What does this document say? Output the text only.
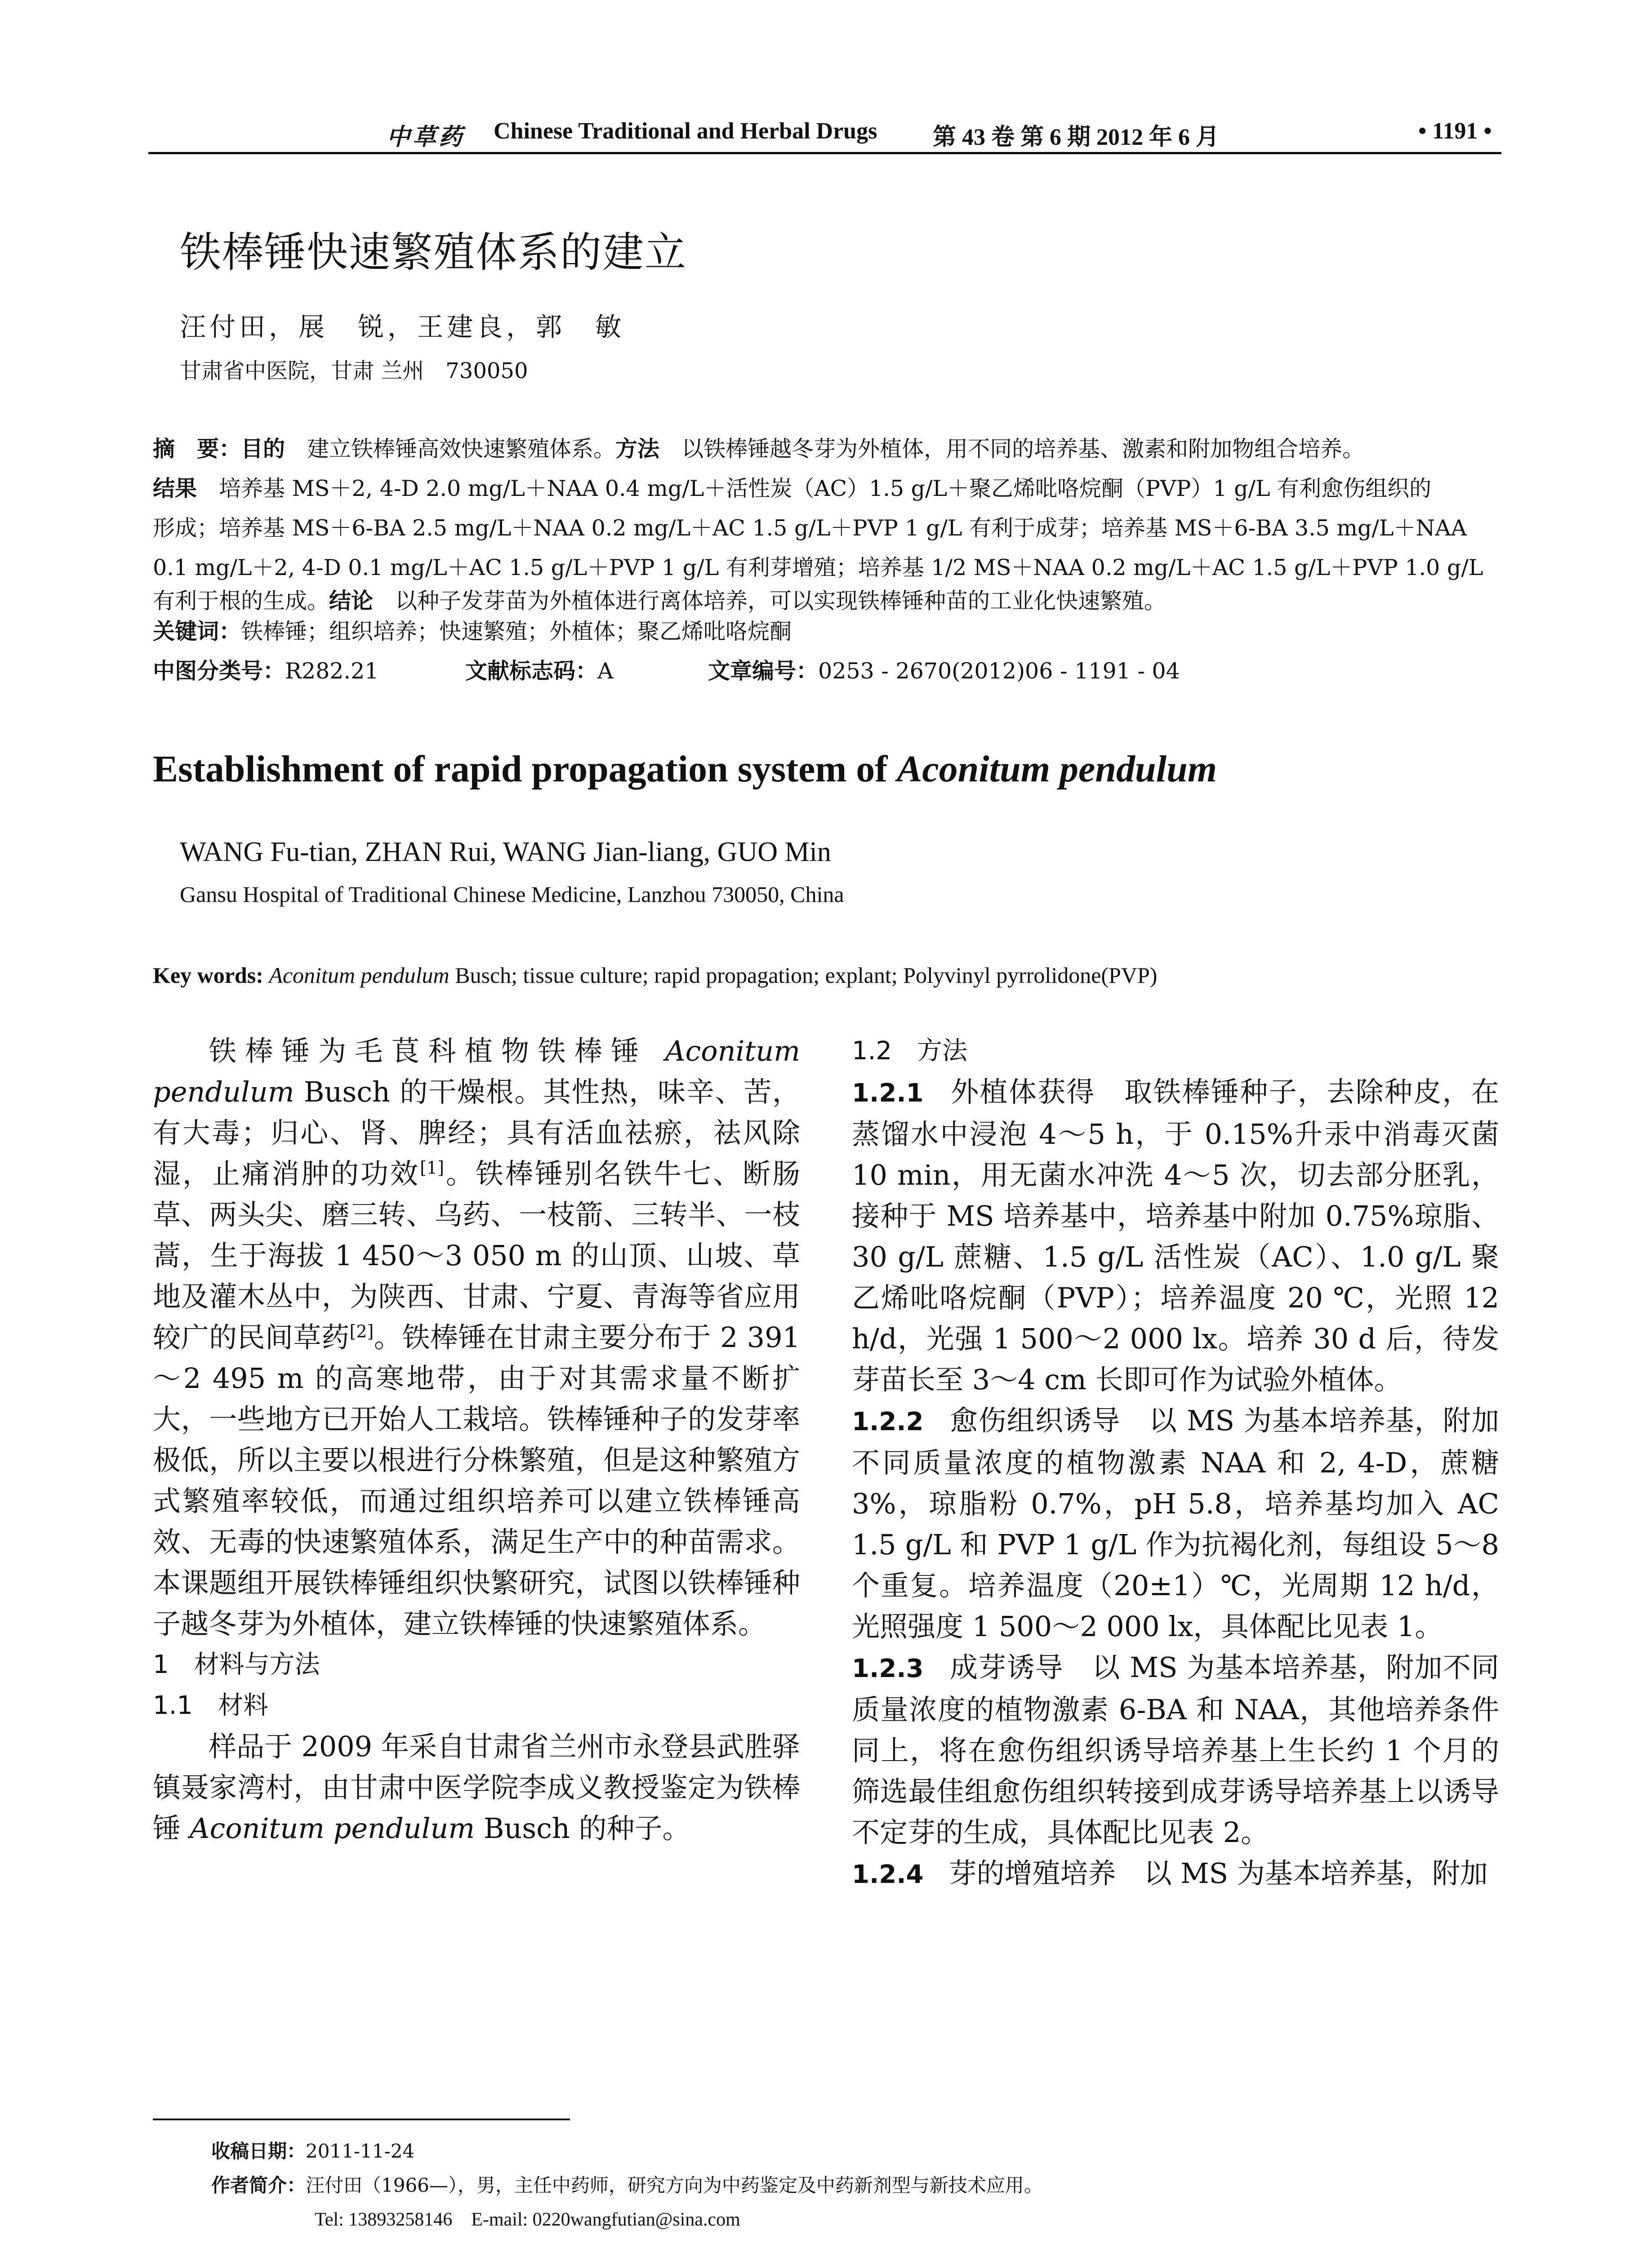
中草药 Chinese Traditional and Herbal Drugs 第 43 卷 第 6 期 2012 年 6 月	• 1191 •
铁棒锤快速繁殖体系的建立
汪付田，展　锐，王建良，郭　敏
甘肃省中医院，甘肃 兰州　730050
摘　要：目的　建立铁棒锤高效快速繁殖体系。方法　以铁棒锤越冬芽为外植体，用不同的培养基、激素和附加物组合培养。
结果　培养基 MS＋2, 4-D 2.0 mg/L＋NAA 0.4 mg/L＋活性炭（AC）1.5 g/L＋聚乙烯吡咯烷酮（PVP）1 g/L 有利愈伤组织的
形成；培养基 MS＋6-BA 2.5 mg/L＋NAA 0.2 mg/L＋AC 1.5 g/L＋PVP 1 g/L 有利于成芽；培养基 MS＋6-BA 3.5 mg/L＋NAA
0.1 mg/L＋2, 4-D 0.1 mg/L＋AC 1.5 g/L＋PVP 1 g/L 有利芽增殖；培养基 1/2 MS＋NAA 0.2 mg/L＋AC 1.5 g/L＋PVP 1.0 g/L
有利于根的生成。结论　以种子发芽苗为外植体进行离体培养，可以实现铁棒锤种苗的工业化快速繁殖。
关键词：铁棒锤；组织培养；快速繁殖；外植体；聚乙烯吡咯烷酮
中图分类号：R282.21	文献标志码：A	文章编号：0253 - 2670(2012)06 - 1191 - 04
Establishment of rapid propagation system of Aconitum pendulum
WANG Fu-tian, ZHAN Rui, WANG Jian-liang, GUO Min
Gansu Hospital of Traditional Chinese Medicine, Lanzhou 730050, China
Key words: Aconitum pendulum Busch; tissue culture; rapid propagation; explant; Polyvinyl pyrrolidone(PVP)

铁棒锤为毛茛科植物铁棒锤 Aconitum pendulum Busch 的干燥根。其性热，味辛、苦，有大毒；归心、肾、脾经；具有活血祛瘀，祛风除湿，止痛消肿的功效[1]。铁棒锤别名铁牛七、断肠草、两头尖、磨三转、乌药、一枝箭、三转半、一枝蒿，生于海拔 1 450～3 050 m 的山顶、山坡、草地及灌木丛中，为陕西、甘肃、宁夏、青海等省应用较广的民间草药[2]。铁棒锤在甘肃主要分布于 2 391～2 495 m 的高寒地带，由于对其需求量不断扩大，一些地方已开始人工栽培。铁棒锤种子的发芽率极低，所以主要以根进行分株繁殖，但是这种繁殖方式繁殖率较低，而通过组织培养可以建立铁棒锤高效、无毒的快速繁殖体系，满足生产中的种苗需求。本课题组开展铁棒锤组织快繁研究，试图以铁棒锤种子越冬芽为外植体，建立铁棒锤的快速繁殖体系。

1　材料与方法

1.1　材料

样品于 2009 年采自甘肃省兰州市永登县武胜驿镇聂家湾村，由甘肃中医学院李成义教授鉴定为铁棒锤 Aconitum pendulum Busch 的种子。

1.2　方法

1.2.1　外植体获得　取铁棒锤种子，去除种皮，在蒸馏水中浸泡 4～5 h，于 0.15%升汞中消毒灭菌 10 min，用无菌水冲洗 4～5 次，切去部分胚乳，接种于 MS 培养基中，培养基中附加 0.75%琼脂、30 g/L 蔗糖、1.5 g/L 活性炭（AC）、1.0 g/L 聚乙烯吡咯烷酮（PVP）；培养温度 20 ℃，光照 12 h/d，光强 1 500～2 000 lx。培养 30 d 后，待发芽苗长至 3～4 cm 长即可作为试验外植体。

1.2.2　愈伤组织诱导　以 MS 为基本培养基，附加不同质量浓度的植物激素 NAA 和 2, 4-D，蔗糖 3%，琼脂粉 0.7%，pH 5.8，培养基均加入 AC 1.5 g/L 和 PVP 1 g/L 作为抗褐化剂，每组设 5～8 个重复。培养温度（20±1）℃，光周期 12 h/d，光照强度 1 500～2 000 lx，具体配比见表 1。

1.2.3　成芽诱导　以 MS 为基本培养基，附加不同质量浓度的植物激素 6-BA 和 NAA，其他培养条件同上，将在愈伤组织诱导培养基上生长约 1 个月的筛选最佳组愈伤组织转接到成芽诱导培养基上以诱导不定芽的生成，具体配比见表 2。

1.2.4　芽的增殖培养　以 MS 为基本培养基，附加

收稿日期：2011-11-24
作者简介：汪付田（1966—），男，主任中药师，研究方向为中药鉴定及中药新剂型与新技术应用。
Tel: 13893258146　E-mail: 0220wangfutian@sina.com
